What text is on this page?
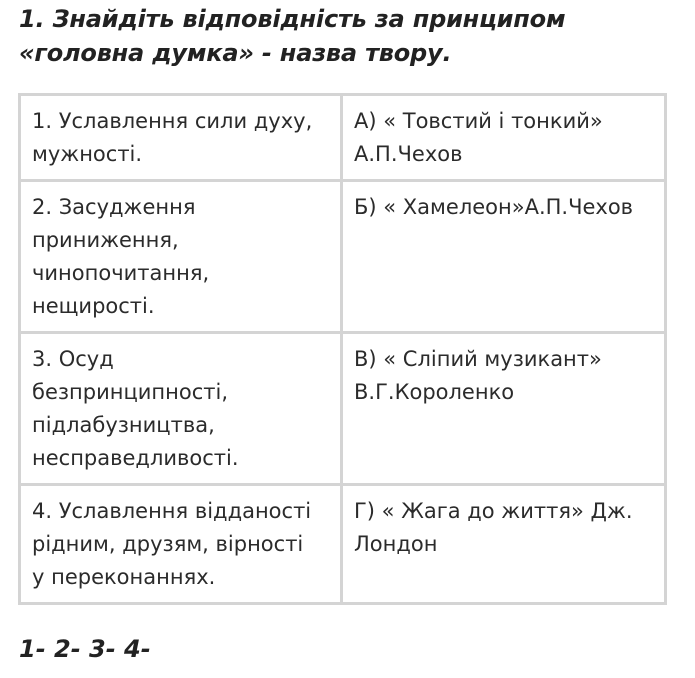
1. Знайдіть відповідність за принципом
«головна думка» - назва твору.
1. Уславлення сили духу,
мужності.	А) « Товстий і тонкий»
А.П.Чехов

2. Засудження
приниження,
чинопочитання,
нещирості.	Б) « Хамелеон»А.П.Чехов

3. Осуд
безпринципності,
підлабузництва,
несправедливості.	В) « Сліпий музикант»
В.Г.Короленко

4. Уславлення відданості
рідним, друзям, вірності
у переконаннях.	Г) « Жага до життя» Дж.
Лондон

1- 2- 3- 4-
